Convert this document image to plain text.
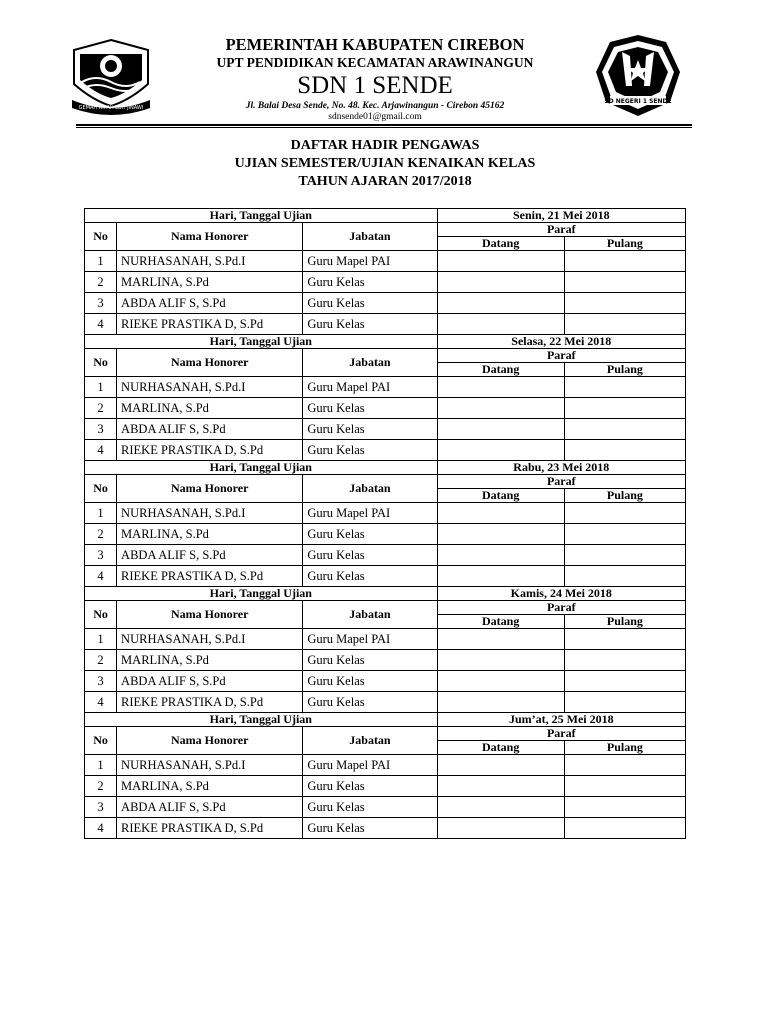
GEMAH RIPAH LOH JINAWI
PEMERINTAH KABUPATEN CIREBON
UPT PENDIDIKAN KECAMATAN ARAWINANGUN
SDN 1 SENDE
Jl. Balai Desa Sende, No. 48. Kec. Arjawinangun - Cirebon 45162
sdnsende01@gmail.com
SD NEGERI 1 SENDE
DAFTAR HADIR PENGAWAS
UJIAN SEMESTER/UJIAN KENAIKAN KELAS
TAHUN AJARAN 2017/2018
Hari, Tanggal Ujian			Senin, 21 Mei 2018	
No	Nama Honorer	Jabatan	Paraf	
			Datang	Pulang
1	NURHASANAH, S.Pd.I	Guru Mapel PAI		
2	MARLINA, S.Pd	Guru Kelas		
3	ABDA ALIF S, S.Pd	Guru Kelas		
4	RIEKE PRASTIKA D, S.Pd	Guru Kelas		
Hari, Tanggal Ujian			Selasa, 22 Mei 2018	
No	Nama Honorer	Jabatan	Paraf	
			Datang	Pulang
1	NURHASANAH, S.Pd.I	Guru Mapel PAI		
2	MARLINA, S.Pd	Guru Kelas		
3	ABDA ALIF S, S.Pd	Guru Kelas		
4	RIEKE PRASTIKA D, S.Pd	Guru Kelas		
Hari, Tanggal Ujian			Rabu, 23 Mei 2018	
No	Nama Honorer	Jabatan	Paraf	
			Datang	Pulang
1	NURHASANAH, S.Pd.I	Guru Mapel PAI		
2	MARLINA, S.Pd	Guru Kelas		
3	ABDA ALIF S, S.Pd	Guru Kelas		
4	RIEKE PRASTIKA D, S.Pd	Guru Kelas		
Hari, Tanggal Ujian			Kamis, 24 Mei 2018	
No	Nama Honorer	Jabatan	Paraf	
			Datang	Pulang
1	NURHASANAH, S.Pd.I	Guru Mapel PAI		
2	MARLINA, S.Pd	Guru Kelas		
3	ABDA ALIF S, S.Pd	Guru Kelas		
4	RIEKE PRASTIKA D, S.Pd	Guru Kelas		
Hari, Tanggal Ujian			Jum’at, 25 Mei 2018	
No	Nama Honorer	Jabatan	Paraf	
			Datang	Pulang
1	NURHASANAH, S.Pd.I	Guru Mapel PAI		
2	MARLINA, S.Pd	Guru Kelas		
3	ABDA ALIF S, S.Pd	Guru Kelas		
4	RIEKE PRASTIKA D, S.Pd	Guru Kelas		
